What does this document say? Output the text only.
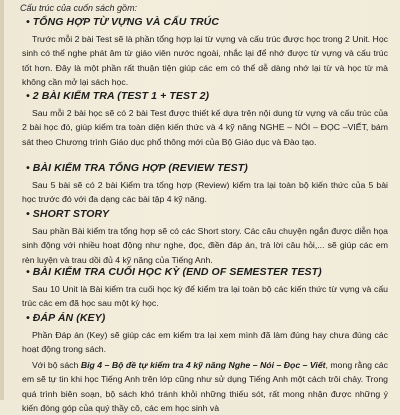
Cấu trúc của cuốn sách gồm:
• TỔNG HỢP TỪ VỰNG VÀ CẤU TRÚC
Trước mỗi 2 bài Test sẽ là phần tổng hợp lại từ vựng và cấu trúc được học trong 2 Unit. Học sinh có thể nghe phát âm từ giáo viên nước ngoài, nhắc lại để nhớ được từ vựng và cấu trúc tốt hơn. Đây là một phần rất thuận tiện giúp các em có thể dễ dàng nhớ lại từ và học từ mà không cần mở lại sách học.
• 2 BÀI KIỂM TRA (TEST 1 + TEST 2)
Sau mỗi 2 bài học sẽ có 2 bài Test được thiết kế dựa trên nội dung từ vựng và cấu trúc của 2 bài học đó, giúp kiểm tra toàn diện kiến thức và 4 kỹ năng NGHE – NÓI – ĐỌC –VIẾT, bám sát theo Chương trình Giáo dục phổ thông mới của Bộ Giáo dục và Đào tạo.
• BÀI KIỂM TRA TỔNG HỢP (REVIEW TEST)
Sau 5 bài sẽ có 2 bài Kiểm tra tổng hợp (Review) kiểm tra lại toàn bộ kiến thức của 5 bài học trước đó với đa dạng các bài tập 4 kỹ năng.
• SHORT STORY
Sau phần Bài kiểm tra tổng hợp sẽ có các Short story. Các câu chuyện ngắn được diễn họa sinh động với nhiều hoạt động như nghe, đọc, điền đáp án, trả lời câu hỏi,... sẽ giúp các em rèn luyện và trau dồi đủ 4 kỹ năng của Tiếng Anh.
• BÀI KIỂM TRA CUỐI HỌC KỲ (END OF SEMESTER TEST)
Sau 10 Unit là Bài kiểm tra cuối học kỳ để kiểm tra lại toàn bộ các kiến thức từ vựng và cấu trúc các em đã học sau một kỳ học.
• ĐÁP ÁN (KEY)
Phần Đáp án (Key) sẽ giúp các em kiểm tra lại xem mình đã làm đúng hay chưa đúng các hoạt động trong sách.
Với bộ sách Big 4 – Bộ đề tự kiểm tra 4 kỹ năng Nghe – Nói – Đọc – Viết, mong rằng các em sẽ tự tin khi học Tiếng Anh trên lớp cũng như sử dụng Tiếng Anh một cách trôi chảy. Trong quá trình biên soạn, bộ sách khó tránh khỏi những thiếu sót, rất mong nhận được những ý kiến đóng góp của quý thầy cô, các em học sinh và
